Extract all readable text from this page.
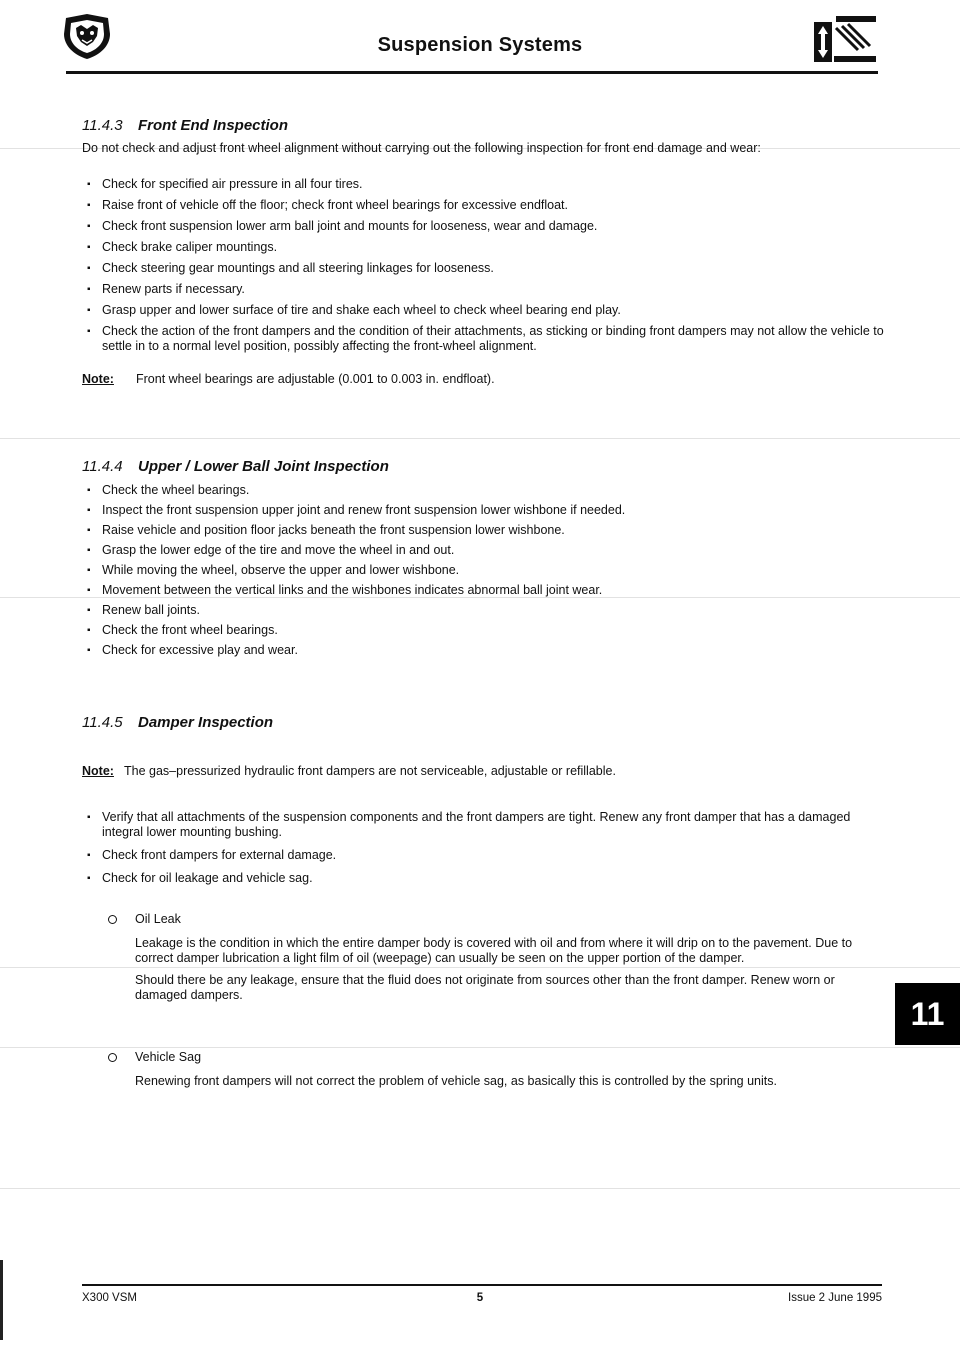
Suspension Systems
11.4.3 Front End Inspection
Do not check and adjust front wheel alignment without carrying out the following inspection for front end damage and wear:
▪ Check for specified air pressure in all four tires.
▪ Raise front of vehicle off the floor; check front wheel bearings for excessive endfloat.
▪ Check front suspension lower arm ball joint and mounts for looseness, wear and damage.
▪ Check brake caliper mountings.
▪ Check steering gear mountings and all steering linkages for looseness.
▪ Renew parts if necessary.
▪ Grasp upper and lower surface of tire and shake each wheel to check wheel bearing end play.
▪ Check the action of the front dampers and the condition of their attachments, as sticking or binding front dampers may not allow the vehicle to settle in to a normal level position, possibly affecting the front-wheel alignment.
Note: Front wheel bearings are adjustable (0.001 to 0.003 in. endfloat).
11.4.4 Upper / Lower Ball Joint Inspection
▪ Check the wheel bearings.
▪ Inspect the front suspension upper joint and renew front suspension lower wishbone if needed.
▪ Raise vehicle and position floor jacks beneath the front suspension lower wishbone.
▪ Grasp the lower edge of the tire and move the wheel in and out.
▪ While moving the wheel, observe the upper and lower wishbone.
▪ Movement between the vertical links and the wishbones indicates abnormal ball joint wear.
▪ Renew ball joints.
▪ Check the front wheel bearings.
▪ Check for excessive play and wear.
11.4.5 Damper Inspection
Note: The gas–pressurized hydraulic front dampers are not serviceable, adjustable or refillable.
▪ Verify that all attachments of the suspension components and the front dampers are tight. Renew any front damper that has a damaged integral lower mounting bushing.
▪ Check front dampers for external damage.
▪ Check for oil leakage and vehicle sag.
Oil Leak

Leakage is the condition in which the entire damper body is covered with oil and from where it will drip on to the pavement. Due to correct damper lubrication a light film of oil (weepage) can usually be seen on the upper portion of the damper.

Should there be any leakage, ensure that the fluid does not originate from sources other than the front damper. Renew worn or damaged dampers.

Vehicle Sag

Renewing front dampers will not correct the problem of vehicle sag, as basically this is controlled by the spring units.

11
X300 VSM	5	Issue 2 June 1995
